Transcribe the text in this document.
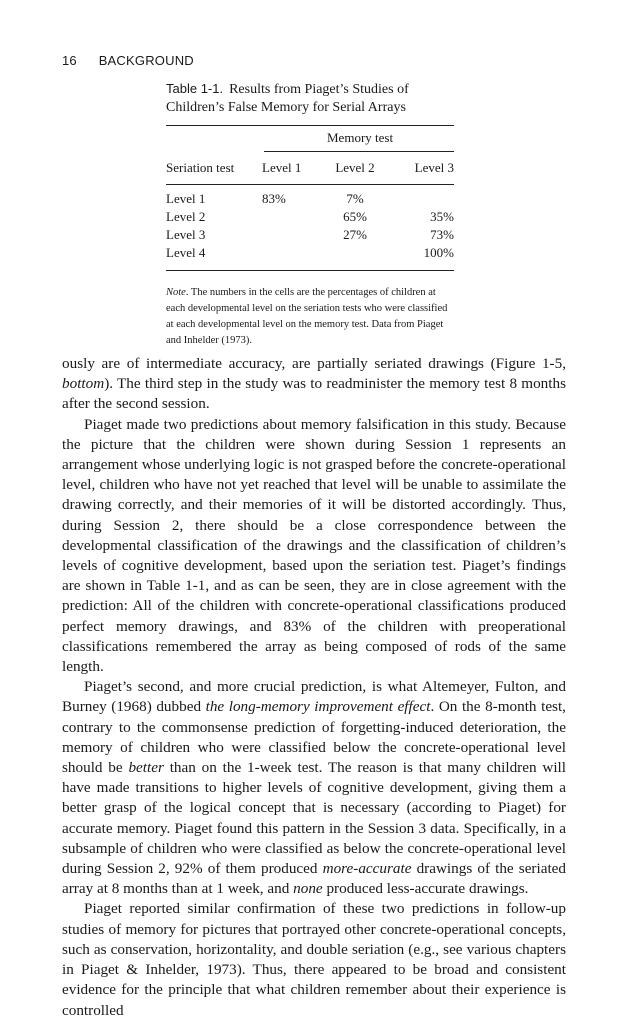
16 BACKGROUND
Table 1-1. Results from Piaget’s Studies of Children’s False Memory for Serial Arrays
Memory test
Seriation test	Level 1	Level 2	Level 3

Level 1	83%	7%	
Level 2		65%	35%
Level 3		27%	73%
Level 4			100%
Note. The numbers in the cells are the percentages of children at each developmental level on the seriation tests who were classified at each developmental level on the memory test. Data from Piaget and Inhelder (1973).

ously are of intermediate accuracy, are partially seriated drawings (Figure 1-5, bottom). The third step in the study was to readminister the memory test 8 months after the second session.

Piaget made two predictions about memory falsification in this study. Because the picture that the children were shown during Session 1 represents an arrangement whose underlying logic is not grasped before the concrete-operational level, children who have not yet reached that level will be unable to assimilate the drawing correctly, and their memories of it will be distorted accordingly. Thus, during Session 2, there should be a close correspondence between the developmental classification of the drawings and the classification of children’s levels of cognitive development, based upon the seriation test. Piaget’s findings are shown in Table 1-1, and as can be seen, they are in close agreement with the prediction: All of the children with concrete-operational classifications produced perfect memory drawings, and 83% of the children with preoperational classifications remembered the array as being composed of rods of the same length.

Piaget’s second, and more crucial prediction, is what Altemeyer, Fulton, and Burney (1968) dubbed the long-memory improvement effect. On the 8-month test, contrary to the commonsense prediction of forgetting-induced deterioration, the memory of children who were classified below the concrete-operational level should be better than on the 1-week test. The reason is that many children will have made transitions to higher levels of cognitive development, giving them a better grasp of the logical concept that is necessary (according to Piaget) for accurate memory. Piaget found this pattern in the Session 3 data. Specifically, in a subsample of children who were classified as below the concrete-operational level during Session 2, 92% of them produced more-accurate drawings of the seriated array at 8 months than at 1 week, and none produced less-accurate drawings.

Piaget reported similar confirmation of these two predictions in follow-up studies of memory for pictures that portrayed other concrete-operational concepts, such as conservation, horizontality, and double seriation (e.g., see various chapters in Piaget & Inhelder, 1973). Thus, there appeared to be broad and consistent evidence for the principle that what children remember about their experience is controlled
